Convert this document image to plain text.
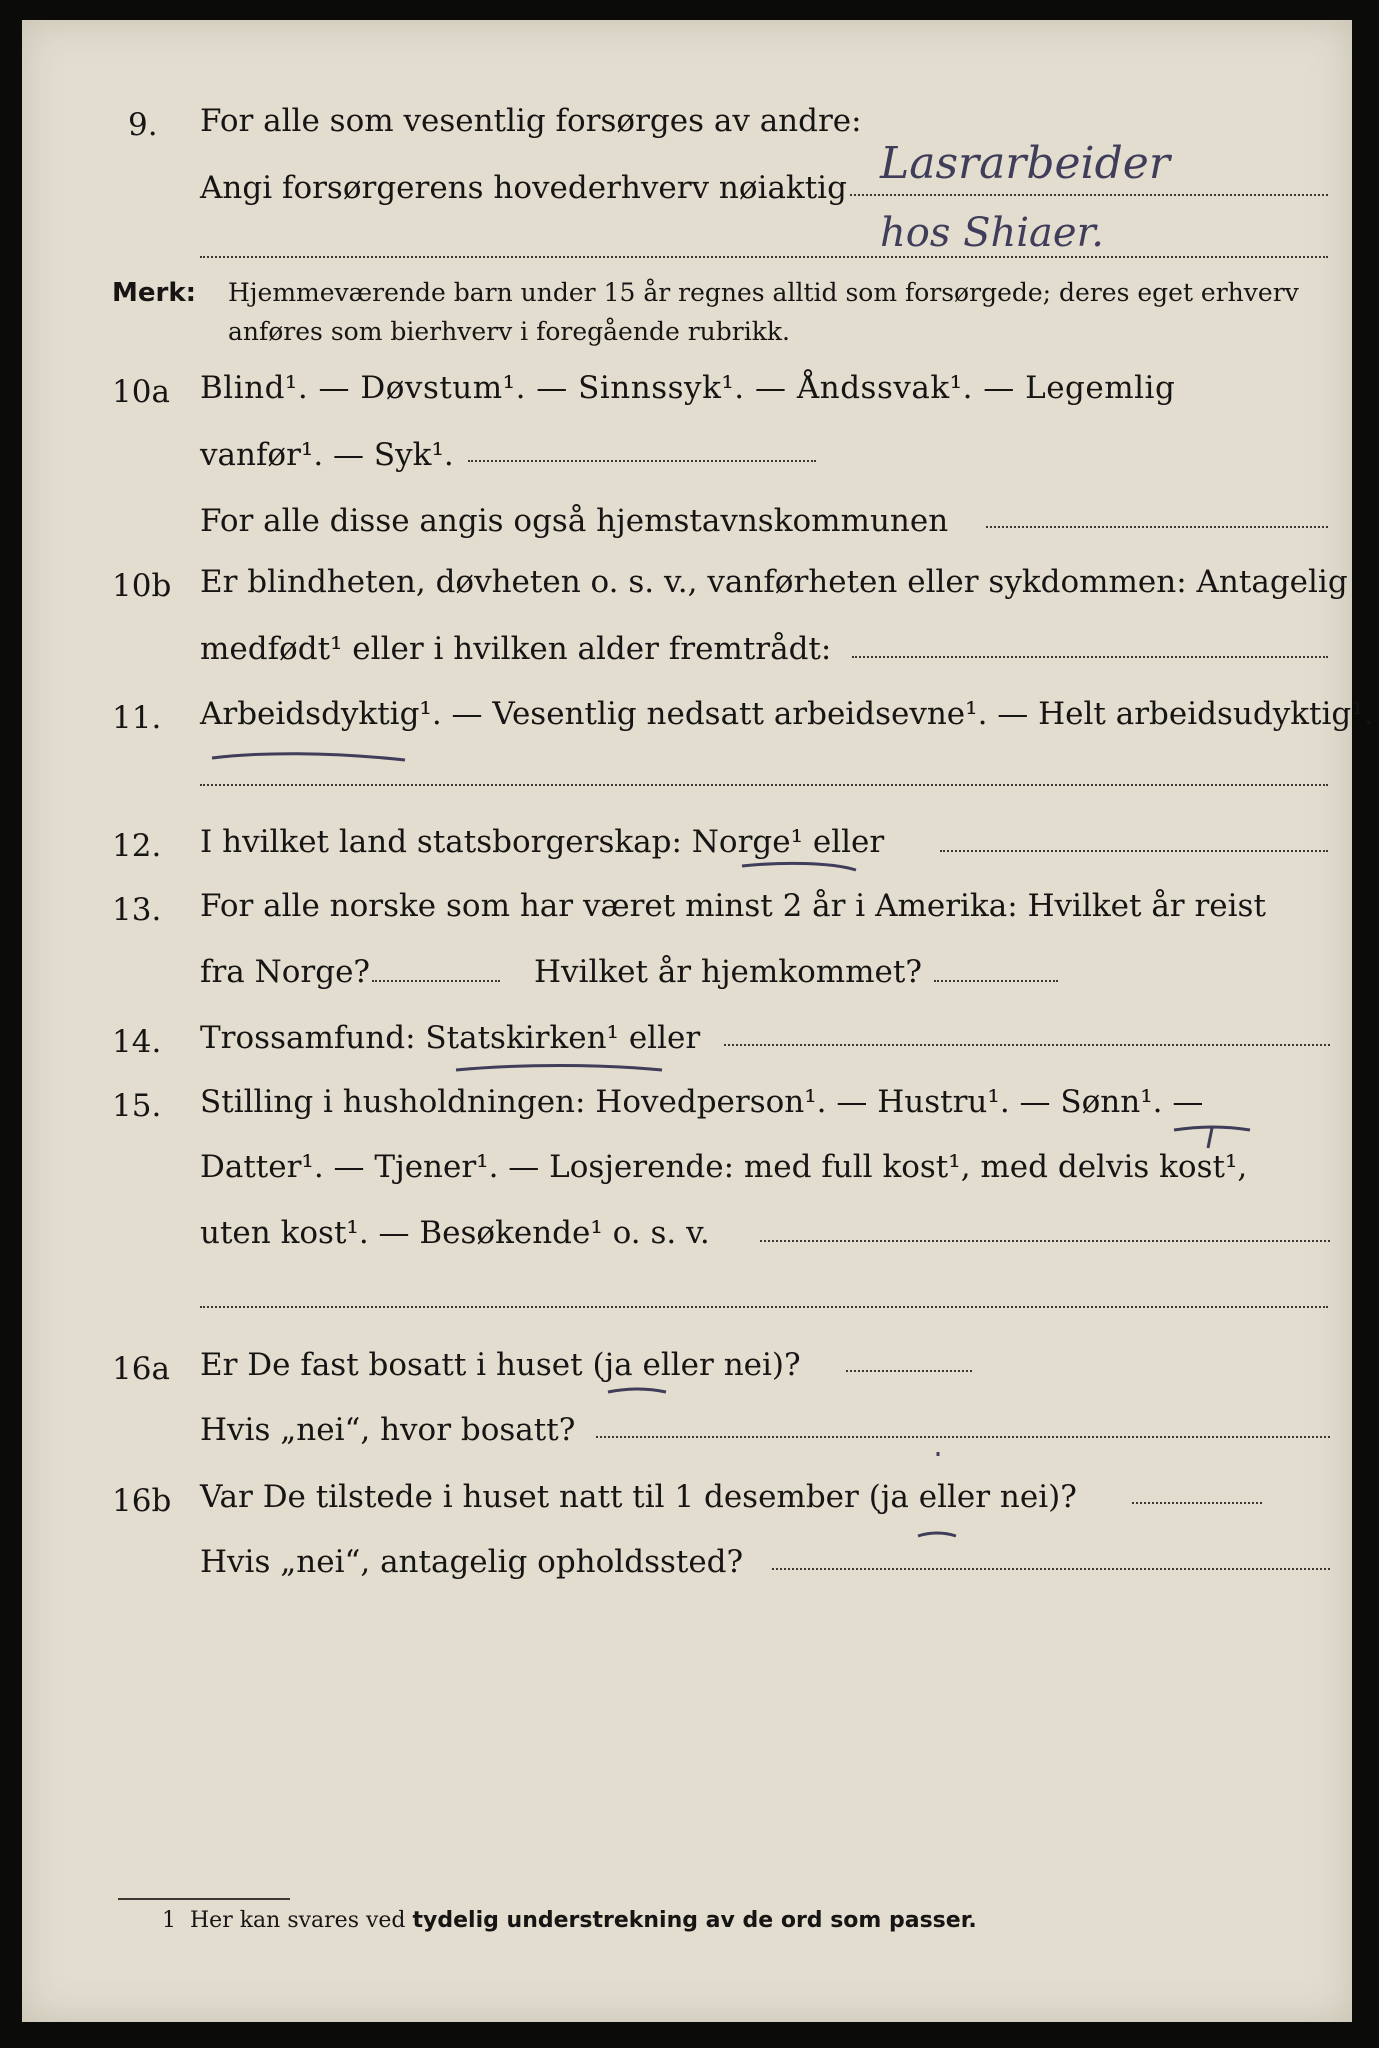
9. For alle som vesentlig forsørges av andre:
Angi forsørgerens hovederhverv nøiaktig Lasrarbeider
hos Shiaer.
Merk: Hjemmeværende barn under 15 år regnes alltid som forsørgede; deres eget erhverv
anføres som bierhverv i foregående rubrikk.
10a Blind¹. — Døvstum¹. — Sinnssyk¹. — Åndssvak¹. — Legemlig
vanfør¹. — Syk¹.
For alle disse angis også hjemstavnskommunen
10b Er blindheten, døvheten o. s. v., vanførheten eller sykdommen: Antagelig
medfødt¹ eller i hvilken alder fremtrådt:
11. Arbeidsdyktig¹. — Vesentlig nedsatt arbeidsevne¹. — Helt arbeidsudyktig¹.
12. I hvilket land statsborgerskap: Norge¹ eller
13. For alle norske som har været minst 2 år i Amerika: Hvilket år reist
fra Norge?	Hvilket år hjemkommet?
14. Trossamfund: Statskirken¹ eller
15. Stilling i husholdningen: Hovedperson¹. — Hustru¹. — Sønn¹. —
Datter¹. — Tjener¹. — Losjerende: med full kost¹, med delvis kost¹,
uten kost¹. — Besøkende¹ o. s. v.
16a Er De fast bosatt i huset (ja eller nei)?
Hvis „nei“, hvor bosatt?
16b Var De tilstede i huset natt til 1 desember (ja eller nei)?
Hvis „nei“, antagelig opholdssted?
1 Her kan svares ved tydelig understrekning av de ord som passer.
